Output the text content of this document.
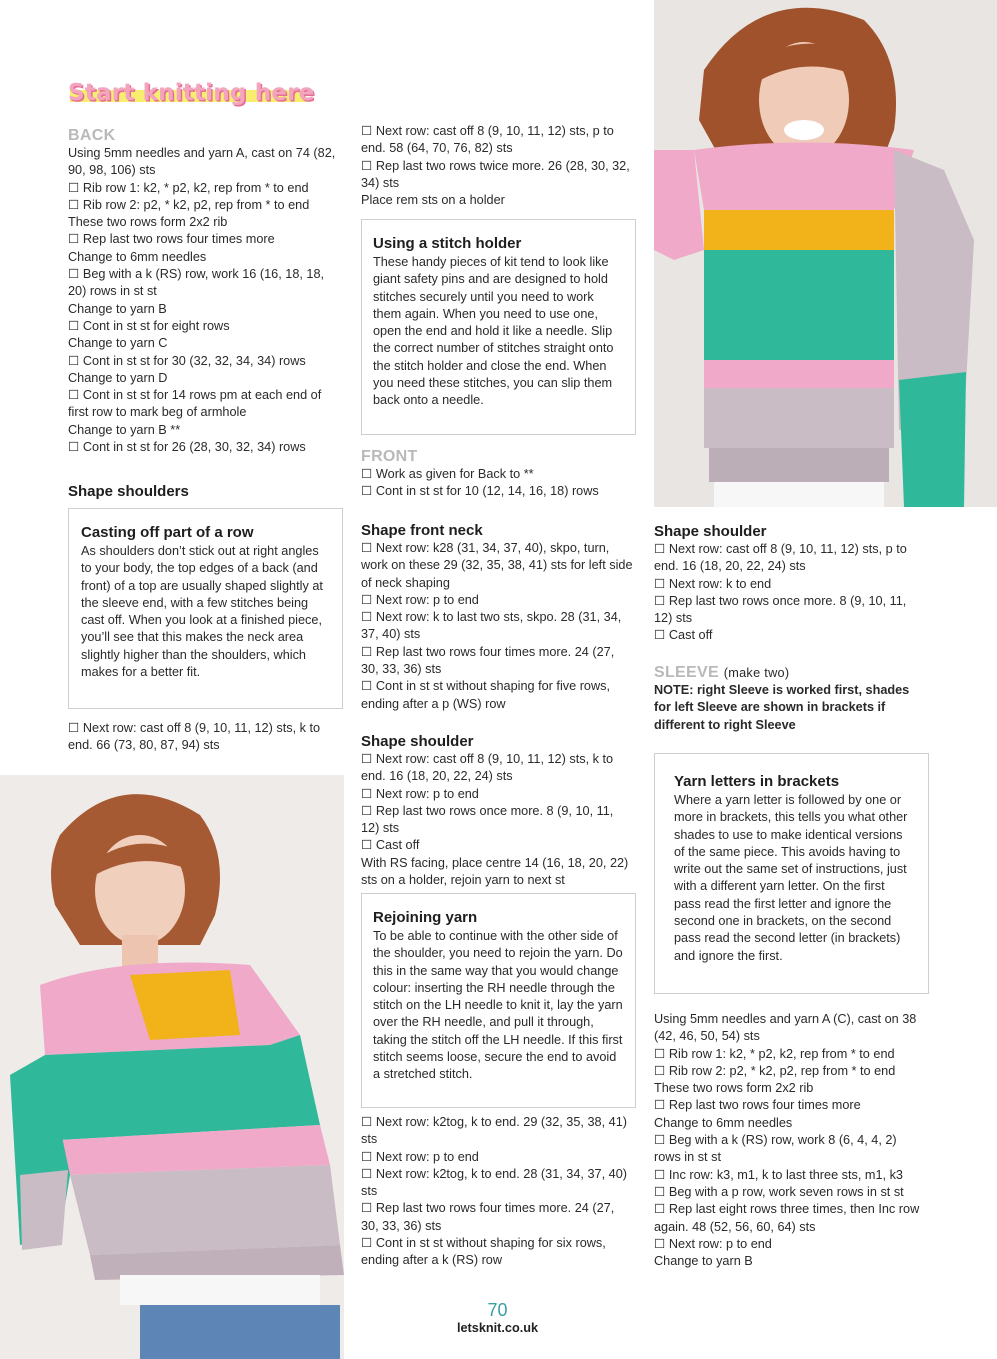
Start knitting here
BACK

Using 5mm needles and yarn A, cast on 74 (82, 90, 98, 106) sts

☐ Rib row 1: k2, * p2, k2, rep from * to end

☐ Rib row 2: p2, * k2, p2, rep from * to end

These two rows form 2x2 rib

☐ Rep last two rows four times more

Change to 6mm needles

☐ Beg with a k (RS) row, work 16 (16, 18, 18, 20) rows in st st

Change to yarn B

☐ Cont in st st for eight rows

Change to yarn C

☐ Cont in st st for 30 (32, 32, 34, 34) rows

Change to yarn D

☐ Cont in st st for 14 rows pm at each end of first row to mark beg of armhole

Change to yarn B **

☐ Cont in st st for 26 (28, 30, 32, 34) rows

Shape shoulders
Casting off part of a row
As shoulders don’t stick out at right angles to your body, the top edges of a back (and front) of a top are usually shaped slightly at the sleeve end, with a few stitches being cast off. When you look at a finished piece, you’ll see that this makes the neck area slightly higher than the shoulders, which makes for a better fit.
☐ Next row: cast off 8 (9, 10, 11, 12) sts, k to end. 66 (73, 80, 87, 94) sts

☐ Next row: cast off 8 (9, 10, 11, 12) sts, p to end. 58 (64, 70, 76, 82) sts

☐ Rep last two rows twice more. 26 (28, 30, 32, 34) sts

Place rem sts on a holder

Using a stitch holder
These handy pieces of kit tend to look like giant safety pins and are designed to hold stitches securely until you need to work them again. When you need to use one, open the end and hold it like a needle. Slip the correct number of stitches straight onto the stitch holder and close the end. When you need these stitches, you can slip them back onto a needle.
FRONT

☐ Work as given for Back to **

☐ Cont in st st for 10 (12, 14, 16, 18) rows

Shape front neck

☐ Next row: k28 (31, 34, 37, 40), skpo, turn, work on these 29 (32, 35, 38, 41) sts for left side of neck shaping

☐ Next row: p to end

☐ Next row: k to last two sts, skpo. 28 (31, 34, 37, 40) sts

☐ Rep last two rows four times more. 24 (27, 30, 33, 36) sts

☐ Cont in st st without shaping for five rows, ending after a p (WS) row

Shape shoulder

☐ Next row: cast off 8 (9, 10, 11, 12) sts, k to end. 16 (18, 20, 22, 24) sts

☐ Next row: p to end

☐ Rep last two rows once more. 8 (9, 10, 11, 12) sts

☐ Cast off

With RS facing, place centre 14 (16, 18, 20, 22) sts on a holder, rejoin yarn to next st

Rejoining yarn
To be able to continue with the other side of the shoulder, you need to rejoin the yarn. Do this in the same way that you would change colour: inserting the RH needle through the stitch on the LH needle to knit it, lay the yarn over the RH needle, and pull it through, taking the stitch off the LH needle. If this first stitch seems loose, secure the end to avoid a stretched stitch.

☐ Next row: k2tog, k to end. 29 (32, 35, 38, 41) sts

☐ Next row: p to end

☐ Next row: k2tog, k to end. 28 (31, 34, 37, 40) sts

☐ Rep last two rows four times more. 24 (27, 30, 33, 36) sts

☐ Cont in st st without shaping for six rows, ending after a k (RS) row

Shape shoulder

☐ Next row: cast off 8 (9, 10, 11, 12) sts, p to end. 16 (18, 20, 22, 24) sts

☐ Next row: k to end

☐ Rep last two rows once more. 8 (9, 10, 11, 12) sts

☐ Cast off

SLEEVE (make two)
NOTE: right Sleeve is worked first, shades for left Sleeve are shown in brackets if different to right Sleeve
Yarn letters in brackets
Where a yarn letter is followed by one or more in brackets, this tells you what other shades to use to make identical versions of the same piece. This avoids having to write out the same set of instructions, just with a different yarn letter. On the first pass read the first letter and ignore the second one in brackets, on the second pass read the second letter (in brackets) and ignore the first.

Using 5mm needles and yarn A (C), cast on 38 (42, 46, 50, 54) sts

☐ Rib row 1: k2, * p2, k2, rep from * to end

☐ Rib row 2: p2, * k2, p2, rep from * to end

These two rows form 2x2 rib

☐ Rep last two rows four times more

Change to 6mm needles

☐ Beg with a k (RS) row, work 8 (6, 4, 4, 2) rows in st st

☐ Inc row: k3, m1, k to last three sts, m1, k3

☐ Beg with a p row, work seven rows in st st

☐ Rep last eight rows three times, then Inc row again. 48 (52, 56, 60, 64) sts

☐ Next row: p to end

Change to yarn B

70
letsknit.co.uk
